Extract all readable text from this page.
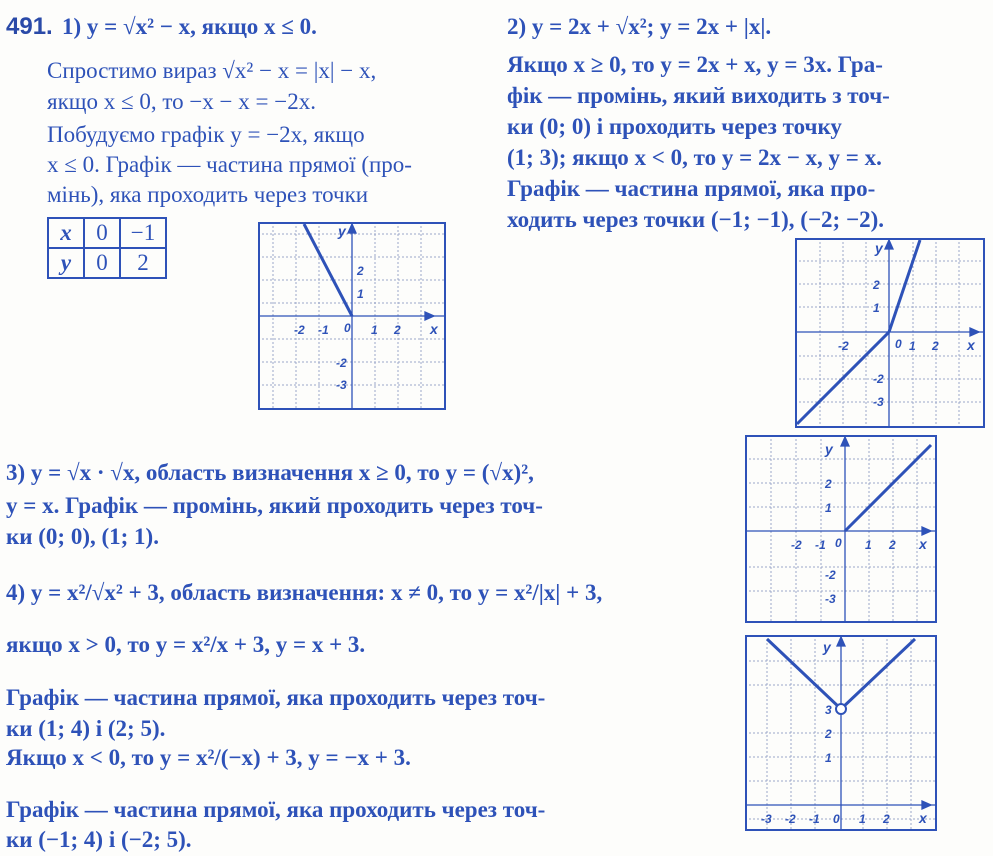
491. 1) y = √x² − x, якщо x ≤ 0.
Спростимо вираз √x² − x = |x| − x,
якщо x ≤ 0, то −x − x = −2x.
Побудуємо графік y = −2x, якщо
x ≤ 0. Графік — частина прямої (про-
мінь), яка проходить через точки
x	0	−1
y	0	2
2) y = 2x + √x²; y = 2x + |x|.
Якщо x ≥ 0, то y = 2x + x, y = 3x. Гра-
фік — промінь, який виходить з точ-
ки (0; 0) і проходить через точку
(1; 3); якщо x < 0, то y = 2x − x, y = x.
Графік — частина прямої, яка про-
ходить через точки (−1; −1), (−2; −2).
3) y = √x · √x, область визначення x ≥ 0, то y = (√x)²,
y = x. Графік — промінь, який проходить через точ-
ки (0; 0), (1; 1).
4) y = x²/√x² + 3, область визначення: x ≠ 0, то y = x²/|x| + 3,
якщо x > 0, то y = x²/x + 3, y = x + 3.
Графік — частина прямої, яка проходить через точ-
ки (1; 4) і (2; 5).
Якщо x < 0, то y = x²/(−x) + 3, y = −x + 3.
Графік — частина прямої, яка проходить через точ-
ки (−1; 4) і (−2; 5).
x
y
0
-2 -1	1 2
2
1
-2
-3
x
y
0
-2	1 2
2
1
-2
-3
x
y
0
-2 -1	1 2
2
1
-2
-3
x
y
0
-3 -2 -1	1 2
3
2
1
